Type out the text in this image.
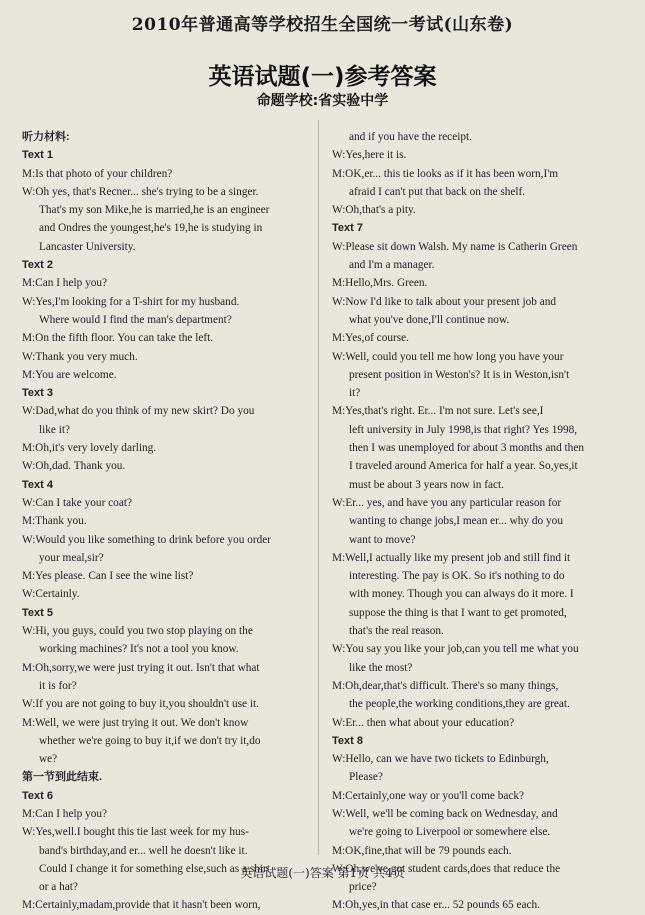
2010年普通高等学校招生全国统一考试(山东卷)
英语试题(一)参考答案
命题学校:省实验中学
听力材料:
Text 1
M:Is that photo of your children?
W:Oh yes, that's Recner... she's trying to be a singer.
That's my son Mike,he is married,he is an engineer
and Ondres the youngest,he's 19,he is studying in
Lancaster University.
Text 2
M:Can I help you?
W:Yes,I'm looking for a T-shirt for my husband.
Where would I find the man's department?
M:On the fifth floor. You can take the left.
W:Thank you very much.
M:You are welcome.
Text 3
W:Dad,what do you think of my new skirt? Do you
like it?
M:Oh,it's very lovely darling.
W:Oh,dad. Thank you.
Text 4
W:Can I take your coat?
M:Thank you.
W:Would you like something to drink before you order
your meal,sir?
M:Yes please. Can I see the wine list?
W:Certainly.
Text 5
W:Hi, you guys, could you two stop playing on the
working machines? It's not a tool you know.
M:Oh,sorry,we were just trying it out. Isn't that what
it is for?
W:If you are not going to buy it,you shouldn't use it.
M:Well, we were just trying it out. We don't know
whether we're going to buy it,if we don't try it,do
we?
第一节到此结束.
Text 6
M:Can I help you?
W:Yes,well.I bought this tie last week for my hus-
band's birthday,and er... well he doesn't like it.
Could I change it for something else,such as a shirt
or a hat?
M:Certainly,madam,provide that it hasn't been worn,
and if you have the receipt.
W:Yes,here it is.
M:OK,er... this tie looks as if it has been worn,I'm
afraid I can't put that back on the shelf.
W:Oh,that's a pity.
Text 7
W:Please sit down Walsh. My name is Catherin Green
and I'm a manager.
M:Hello,Mrs. Green.
W:Now I'd like to talk about your present job and
what you've done,I'll continue now.
M:Yes,of course.
W:Well, could you tell me how long you have your
present position in Weston's? It is in Weston,isn't
it?
M:Yes,that's right. Er... I'm not sure. Let's see,I
left university in July 1998,is that right? Yes 1998,
then I was unemployed for about 3 months and then
I traveled around America for half a year. So,yes,it
must be about 3 years now in fact.
W:Er... yes, and have you any particular reason for
wanting to change jobs,I mean er... why do you
want to move?
M:Well,I actually like my present job and still find it
interesting. The pay is OK. So it's nothing to do
with money. Though you can always do it more. I
suppose the thing is that I want to get promoted,
that's the real reason.
W:You say you like your job,can you tell me what you
like the most?
M:Oh,dear,that's difficult. There's so many things,
the people,the working conditions,they are great.
W:Er... then what about your education?
Text 8
W:Hello, can we have two tickets to Edinburgh,
Please?
M:Certainly,one way or you'll come back?
W:Well, we'll be coming back on Wednesday, and
we're going to Liverpool or somewhere else.
M:OK,fine,that will be 79 pounds each.
W:Oh,we've got student cards,does that reduce the
price?
M:Oh,yes,in that case er... 52 pounds 65 each.
英语试题(一)答案 第1页 共4页
